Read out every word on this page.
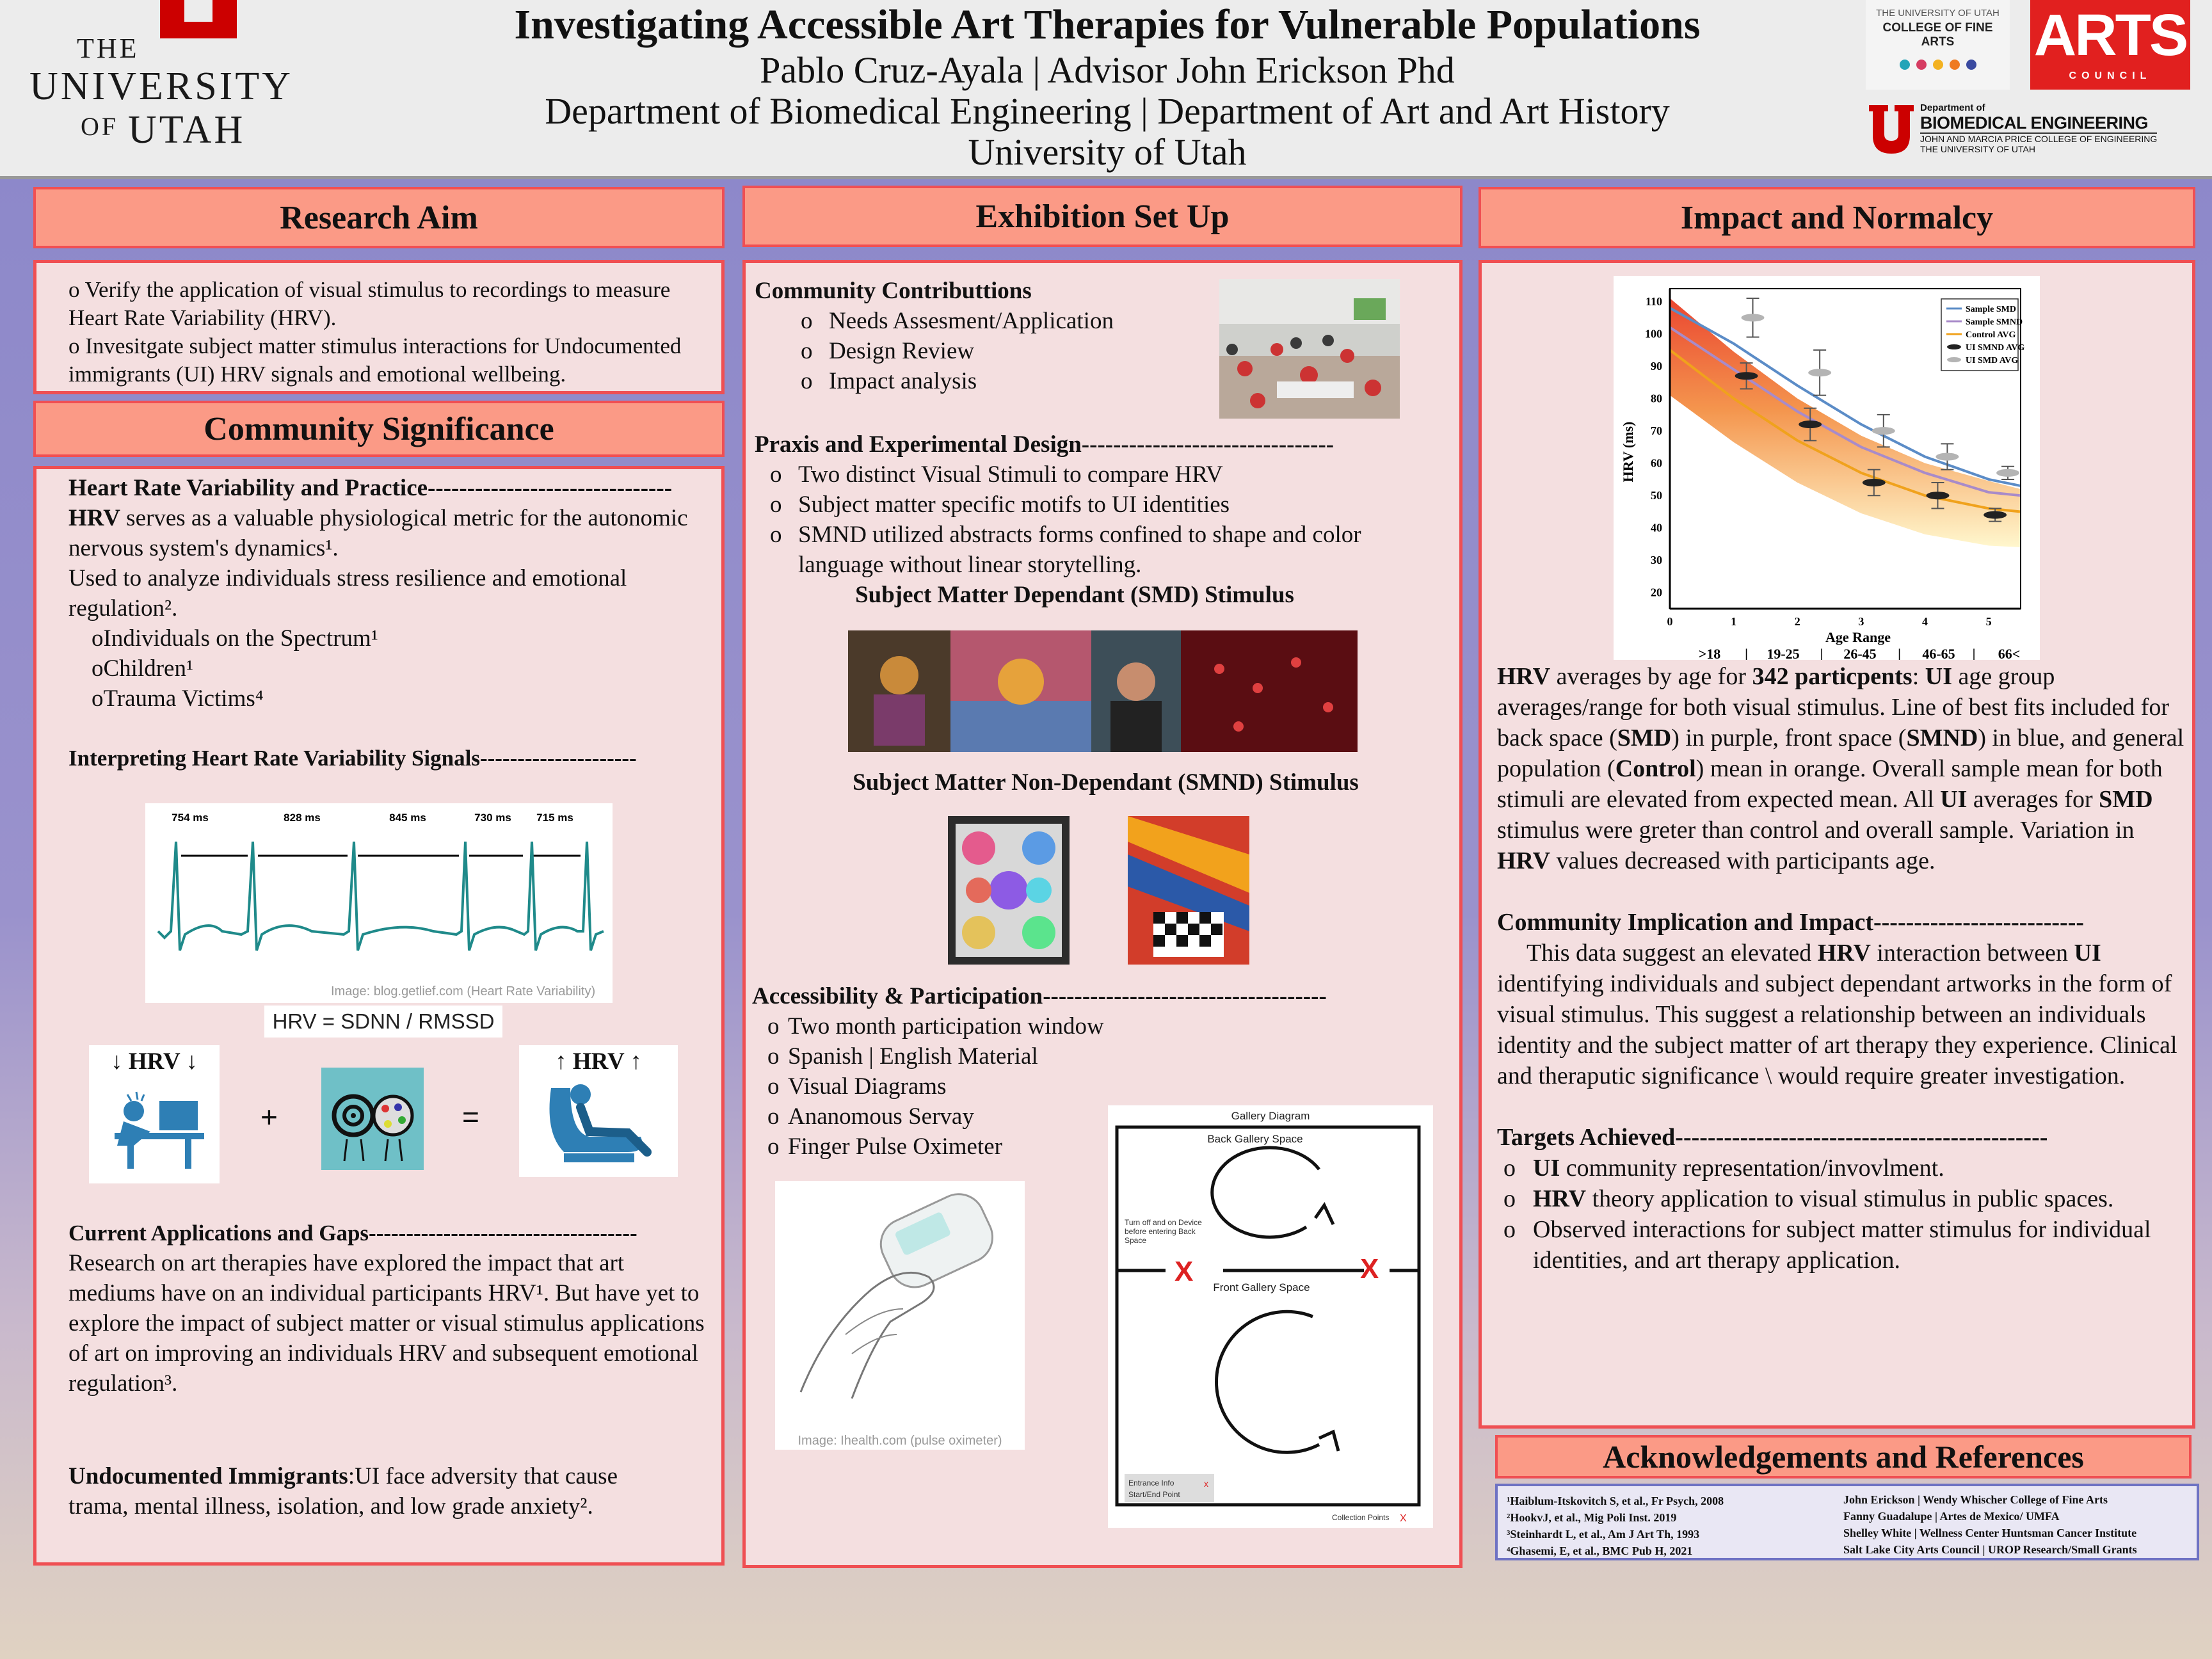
THE
UNIVERSITY
OF UTAH
Investigating Accessible Art Therapies for Vulnerable Populations
Pablo Cruz-Ayala | Advisor John Erickson Phd
Department of Biomedical Engineering | Department of Art and Art History
University of Utah
THE UNIVERSITY OF UTAH
COLLEGE OF FINE ARTS	ARTS
COUNCIL
Department of
BIOMEDICAL ENGINEERING
JOHN AND MARCIA PRICE COLLEGE OF ENGINEERING
THE UNIVERSITY OF UTAH
Research Aim
o Verify the application of visual stimulus to recordings to measure Heart Rate Variability (HRV).
o Invesitgate subject matter stimulus interactions for Undocumented immigrants (UI) HRV signals and emotional wellbeing.
Community Significance
Heart Rate Variability and Practice-------------------------------
HRV serves as a valuable physiological metric for the autonomic nervous system's dynamics¹.
Used to analyze individuals stress resilience and emotional regulation².
oIndividuals on the Spectrum¹
oChildren¹
oTrauma Victims⁴
Interpreting Heart Rate Variability Signals---------------------
754 ms	828 ms	845 ms	730 ms 715 ms
Image: blog.getlief.com (Heart Rate Variability)
HRV = SDNN / RMSSD
↓ HRV ↓
+	=
↑ HRV ↑
Current Applications and Gaps------------------------------------
Research on art therapies have explored the impact that art mediums have on an individual participants HRV¹. But have yet to explore the impact of subject matter or visual stimulus applications of art on improving an individuals HRV and subsequent emotional regulation³.
Undocumented Immigrants:UI face adversity that cause trama, mental illness, isolation, and low grade anxiety².
Exhibition Set Up
Community Contributtions
o Needs Assesment/Application
o Design Review
o Impact analysis
Praxis and Experimental Design--------------------------------
o Two distinct Visual Stimuli to compare HRV
o Subject matter specific motifs to UI identities
o SMND utilized abstracts forms confined to shape and color language without linear storytelling.
Subject Matter Dependant (SMD) Stimulus
Subject Matter Non-Dependant (SMND) Stimulus
Accessibility & Participation------------------------------------
o Two month participation window
o Spanish | English Material
o Visual Diagrams
o Ananomous Servay
o Finger Pulse Oximeter
Image: Ihealth.com (pulse oximeter)
Gallery Diagram
Back Gallery Space
Front Gallery Space
X	X
Turn off and on Device before entering Back Space
Entrance Info
Start/End Point
x
Collection Points X
Impact and Normalcy
20
30
40
50
60
70
80
90
100
110
0	1	2	3	4	5
Age Range
HRV (ms)
>18 | 19-25 | 26-45 | 46-65 | 66<
Sample SMD
Sample SMND
Control AVG
UI SMND AVG
UI SMD AVG
HRV averages by age for 342 particpents: UI age group averages/range for both visual stimulus. Line of best fits included for back space (SMD) in purple, front space (SMND) in blue, and general population (Control) mean in orange. Overall sample mean for both stimuli are elevated from expected mean. All UI averages for SMD stimulus were greter than control and overall sample. Variation in HRV values decreased with participants age.
Community Implication and Impact--------------------------
This data suggest an elevated HRV interaction between UI identifying individuals and subject dependant artworks in the form of visual stimulus. This suggest a relationship between an individuals identity and the subject matter of art therapy they experience. Clinical and theraputic significance \ would require greater investigation.
Targets Achieved----------------------------------------------
o UI community representation/invovlment.
o HRV theory application to visual stimulus in public spaces.
o Observed interactions for subject matter stimulus for individual identities, and art therapy application.
Acknowledgements and References
¹Haiblum-Itskovitch S, et al., Fr Psych, 2008
²HookvJ, et al., Mig Poli Inst. 2019
³Steinhardt L, et al., Am J Art Th, 1993
⁴Ghasemi, E, et al., BMC Pub H, 2021
John Erickson | Wendy Whischer College of Fine Arts
Fanny Guadalupe | Artes de Mexico/ UMFA
Shelley White | Wellness Center Huntsman Cancer Institute
Salt Lake City Arts Council | UROP Research/Small Grants
